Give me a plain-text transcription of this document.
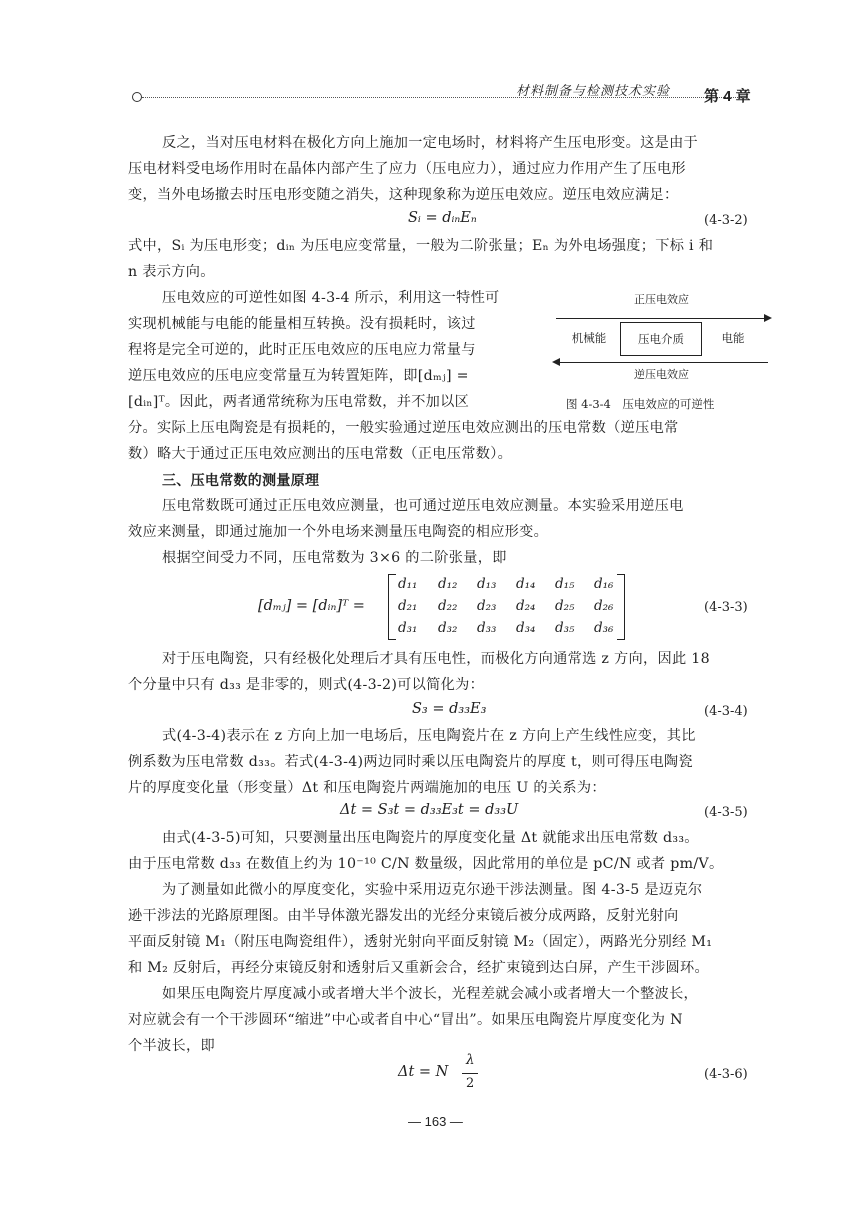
材料制备与检测技术实验 第 4 章
反之，当对压电材料在极化方向上施加一定电场时，材料将产生压电形变。这是由于
压电材料受电场作用时在晶体内部产生了应力（压电应力），通过应力作用产生了压电形
变，当外电场撤去时压电形变随之消失，这种现象称为逆压电效应。逆压电效应满足：
Sᵢ = dᵢₙEₙ	(4-3-2)
式中，Sᵢ 为压电形变；dᵢₙ 为压电应变常量，一般为二阶张量；Eₙ 为外电场强度；下标 i 和
n 表示方向。
压电效应的可逆性如图 4-3-4 所示，利用这一特性可
实现机械能与电能的能量相互转换。没有损耗时，该过
程将是完全可逆的，此时正压电效应的压电应力常量与
逆压电效应的压电应变常量互为转置矩阵，即[dₘⱼ] =
[dᵢₙ]ᵀ。因此，两者通常统称为压电常数，并不加以区
分。实际上压电陶瓷是有损耗的，一般实验通过逆压电效应测出的压电常数（逆压电常
数）略大于通过正压电效应测出的压电常数（正电压常数）。
正压电效应
机械能	压电介质	电能
逆压电效应
图 4-3-4　压电效应的可逆性
三、压电常数的测量原理
压电常数既可通过正压电效应测量，也可通过逆压电效应测量。本实验采用逆压电
效应来测量，即通过施加一个外电场来测量压电陶瓷的相应形变。
根据空间受力不同，压电常数为 3×6 的二阶张量，即
[dₘⱼ] = [dᵢₙ]ᵀ =
d₁₁ d₁₂ d₁₃ d₁₄ d₁₅ d₁₆
d₂₁ d₂₂ d₂₃ d₂₄ d₂₅ d₂₆
d₃₁ d₃₂ d₃₃ d₃₄ d₃₅ d₃₆
(4-3-3)
对于压电陶瓷，只有经极化处理后才具有压电性，而极化方向通常选 z 方向，因此 18
个分量中只有 d₃₃ 是非零的，则式(4-3-2)可以简化为：
S₃ = d₃₃E₃	(4-3-4)
式(4-3-4)表示在 z 方向上加一电场后，压电陶瓷片在 z 方向上产生线性应变，其比
例系数为压电常数 d₃₃。若式(4-3-4)两边同时乘以压电陶瓷片的厚度 t，则可得压电陶瓷
片的厚度变化量（形变量）Δt 和压电陶瓷片两端施加的电压 U 的关系为：
Δt = S₃t = d₃₃E₃t = d₃₃U	(4-3-5)
由式(4-3-5)可知，只要测量出压电陶瓷片的厚度变化量 Δt 就能求出压电常数 d₃₃。
由于压电常数 d₃₃ 在数值上约为 10⁻¹⁰ C/N 数量级，因此常用的单位是 pC/N 或者 pm/V。
为了测量如此微小的厚度变化，实验中采用迈克尔逊干涉法测量。图 4-3-5 是迈克尔
逊干涉法的光路原理图。由半导体激光器发出的光经分束镜后被分成两路，反射光射向
平面反射镜 M₁（附压电陶瓷组件），透射光射向平面反射镜 M₂（固定），两路光分别经 M₁
和 M₂ 反射后，再经分束镜反射和透射后又重新会合，经扩束镜到达白屏，产生干涉圆环。
如果压电陶瓷片厚度减小或者增大半个波长，光程差就会减小或者增大一个整波长，
对应就会有一个干涉圆环“缩进”中心或者自中心“冒出”。如果压电陶瓷片厚度变化为 N
个半波长，即
Δt = N
λ
2
(4-3-6)
— 163 —
